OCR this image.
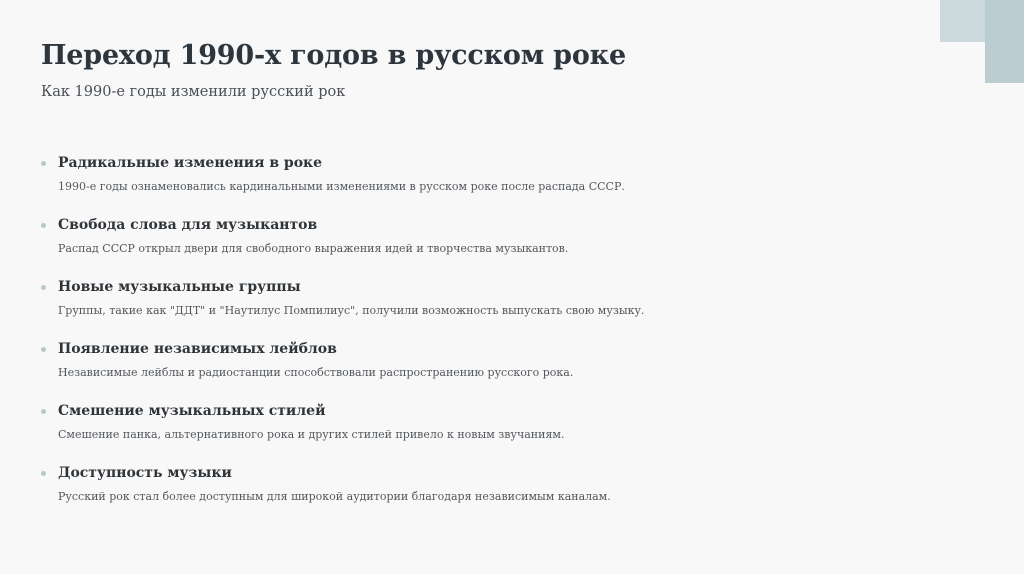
Переход 1990-х годов в русском роке
Как 1990-е годы изменили русский рок
Радикальные изменения в роке
1990-е годы ознаменовались кардинальными изменениями в русском роке после распада СССР.
Свобода слова для музыкантов
Распад СССР открыл двери для свободного выражения идей и творчества музыкантов.
Новые музыкальные группы
Группы, такие как "ДДТ" и "Наутилус Помпилиус", получили возможность выпускать свою музыку.
Появление независимых лейблов
Независимые лейблы и радиостанции способствовали распространению русского рока.
Смешение музыкальных стилей
Смешение панка, альтернативного рока и других стилей привело к новым звучаниям.
Доступность музыки
Русский рок стал более доступным для широкой аудитории благодаря независимым каналам.
